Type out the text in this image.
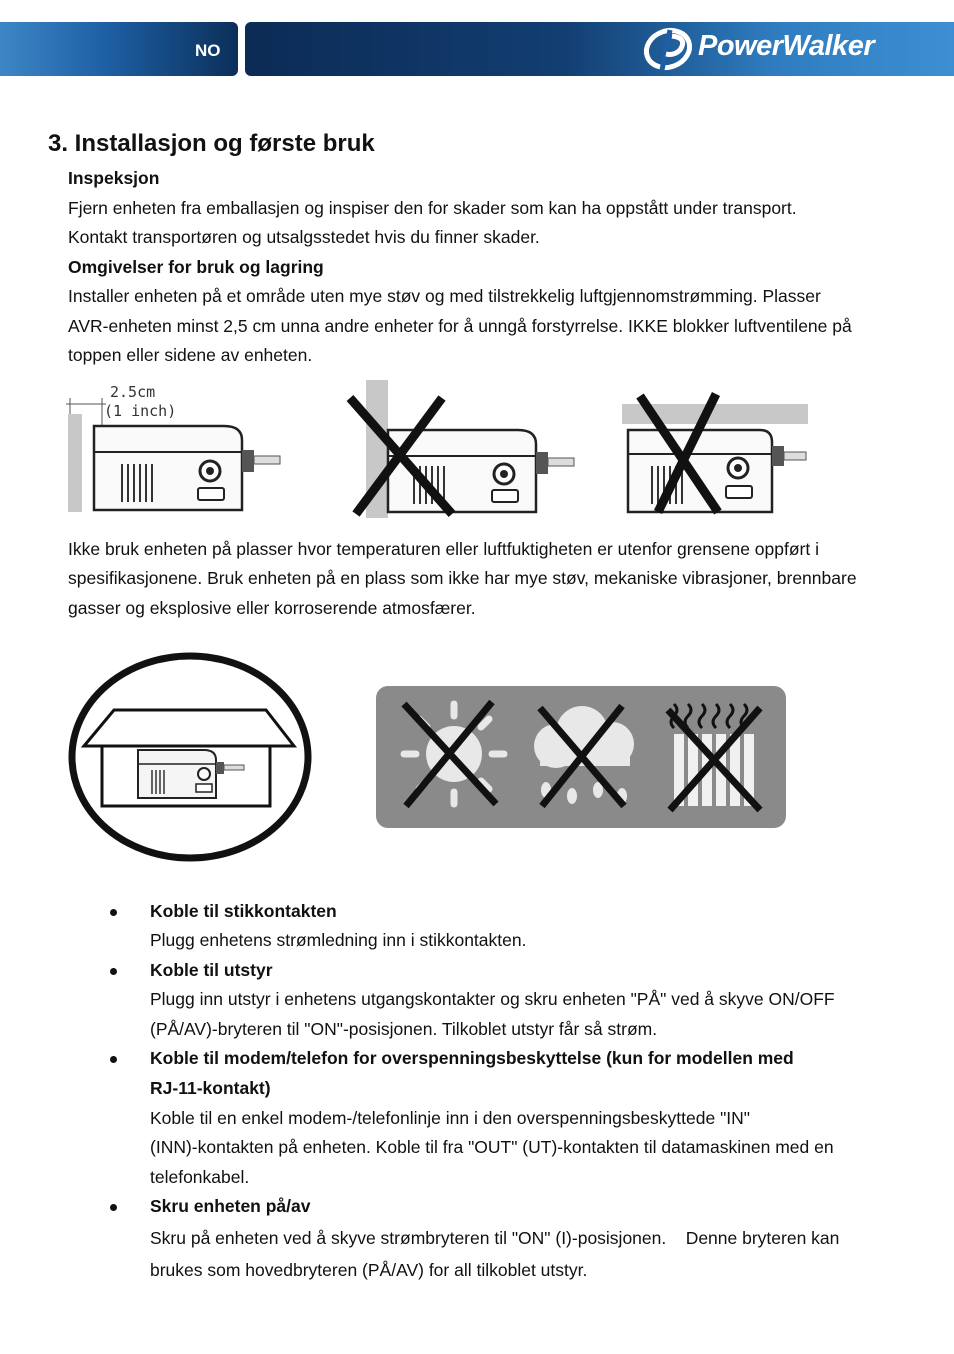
NO	PowerWalker
3. Installasjon og første bruk

Inspeksjon

Fjern enheten fra emballasjen og inspiser den for skader som kan ha oppstått under transport.

Kontakt transportøren og utsalgsstedet hvis du finner skader.

Omgivelser for bruk og lagring

Installer enheten på et område uten mye støv og med tilstrekkelig luftgjennomstrømming. Plasser

AVR-enheten minst 2,5 cm unna andre enheter for å unngå forstyrrelse. IKKE blokker luftventilene på

toppen eller sidene av enheten.

2.5cm
(1 inch)

Ikke bruk enheten på plasser hvor temperaturen eller luftfuktigheten er utenfor grensene oppført i

spesifikasjonene. Bruk enheten på en plass som ikke har mye støv, mekaniske vibrasjoner, brennbare

gasser og eksplosive eller korroserende atmosfærer.

Koble til stikkontakten

Plugg enhetens strømledning inn i stikkontakten.

Koble til utstyr

Plugg inn utstyr i enhetens utgangskontakter og skru enheten "PÅ" ved å skyve ON/OFF

(PÅ/AV)-bryteren til "ON"-posisjonen. Tilkoblet utstyr får så strøm.

Koble til modem/telefon for overspenningsbeskyttelse (kun for modellen med

RJ-11-kontakt)

Koble til en enkel modem-/telefonlinje inn i den overspenningsbeskyttede "IN"

(INN)-kontakten på enheten. Koble til fra "OUT" (UT)-kontakten til datamaskinen med en

telefonkabel.

Skru enheten på/av

Skru på enheten ved å skyve strømbryteren til "ON" (I)-posisjonen.    Denne bryteren kan

brukes som hovedbryteren (PÅ/AV) for all tilkoblet utstyr.
